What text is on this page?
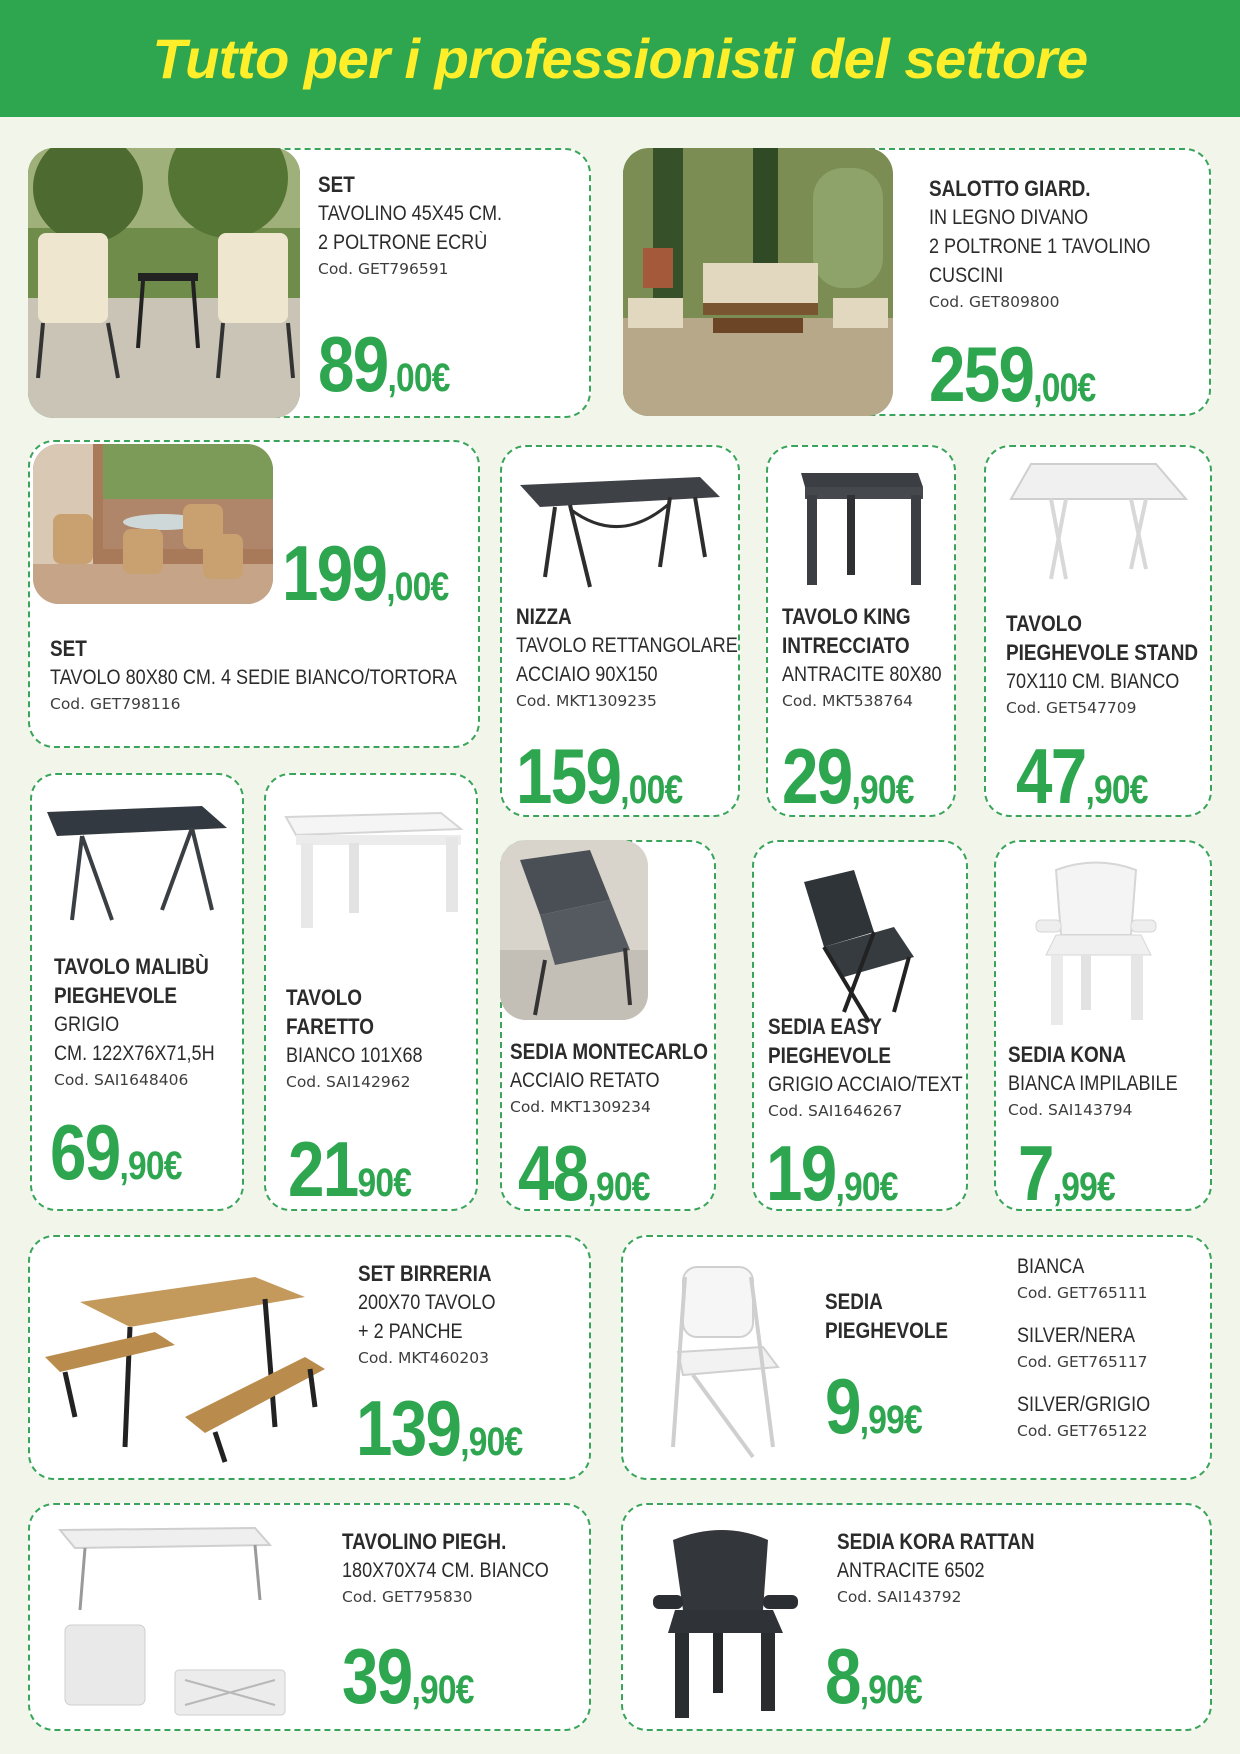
Tutto per i professionisti del settore
SET
TAVOLINO 45X45 CM.
2 POLTRONE ECRÙ
Cod. GET796591
89,00€
SALOTTO GIARD.
IN LEGNO DIVANO
2 POLTRONE 1 TAVOLINO
CUSCINI
Cod. GET809800
259,00€
199,00€
SET
TAVOLO 80X80 CM. 4 SEDIE BIANCO/TORTORA
Cod. GET798116
NIZZA
TAVOLO RETTANGOLARE
ACCIAIO 90X150
Cod. MKT1309235
159,00€
TAVOLO KING
INTRECCIATO
ANTRACITE 80X80
Cod. MKT538764
29,90€
TAVOLO
PIEGHEVOLE STAND
70X110 CM. BIANCO
Cod. GET547709
47,90€
TAVOLO MALIBÙ
PIEGHEVOLE
GRIGIO
CM. 122X76X71,5H
Cod. SAI1648406
69,90€
TAVOLO
FARETTO
BIANCO 101X68
Cod. SAI142962
2190€
SEDIA MONTECARLO
ACCIAIO RETATO
Cod. MKT1309234
48,90€
SEDIA EASY
PIEGHEVOLE
GRIGIO ACCIAIO/TEXT
Cod. SAI1646267
19,90€
SEDIA KONA
BIANCA IMPILABILE
Cod. SAI143794
7,99€
SET BIRRERIA
200X70 TAVOLO
+ 2 PANCHE
Cod. MKT460203
139,90€
SEDIA
PIEGHEVOLE
9,99€
BIANCA
Cod. GET765111
SILVER/NERA
Cod. GET765117
SILVER/GRIGIO
Cod. GET765122
TAVOLINO PIEGH.
180X70X74 CM. BIANCO
Cod. GET795830
39,90€
SEDIA KORA RATTAN
ANTRACITE 6502
Cod. SAI143792
8,90€
